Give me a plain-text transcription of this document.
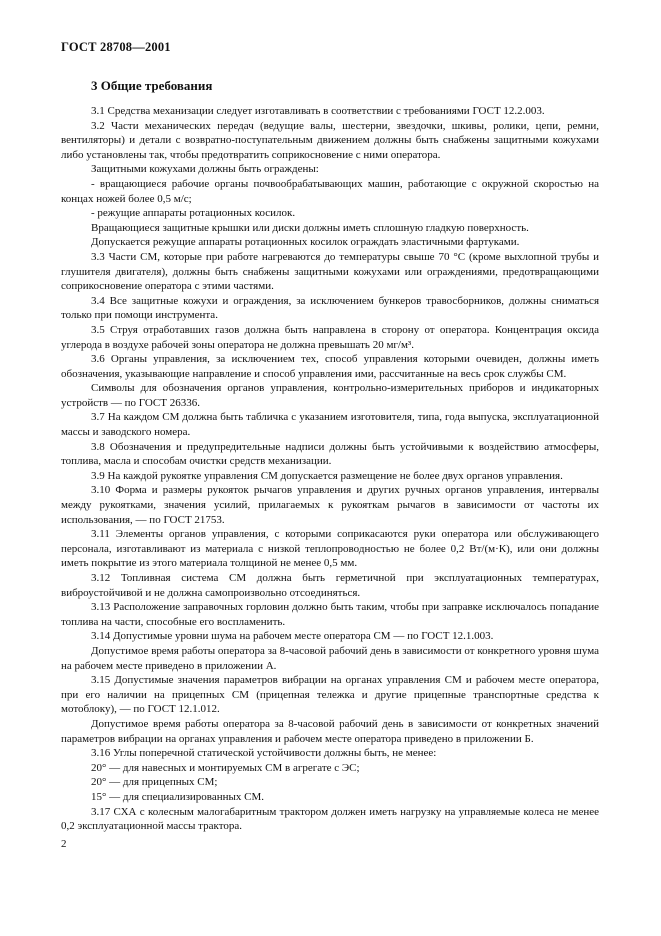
ГОСТ 28708—2001
3 Общие требования

3.1 Средства механизации следует изготавливать в соответствии с требованиями ГОСТ 12.2.003.

3.2 Части механических передач (ведущие валы, шестерни, звездочки, шкивы, ролики, цепи, ремни, вентиляторы) и детали с возвратно-поступательным движением должны быть снабжены защитными кожухами либо установлены так, чтобы предотвратить соприкосновение с ними оператора.

Защитными кожухами должны быть ограждены:

- вращающиеся рабочие органы почвообрабатывающих машин, работающие с окружной скоростью на концах ножей более 0,5 м/с;

- режущие аппараты ротационных косилок.

Вращающиеся защитные крышки или диски должны иметь сплошную гладкую поверхность.

Допускается режущие аппараты ротационных косилок ограждать эластичными фартуками.

3.3 Части СМ, которые при работе нагреваются до температуры свыше 70 °С (кроме выхлопной трубы и глушителя двигателя), должны быть снабжены защитными кожухами или ограждениями, предотвращающими соприкосновение оператора с этими частями.

3.4 Все защитные кожухи и ограждения, за исключением бункеров травосборников, должны сниматься только при помощи инструмента.

3.5 Струя отработавших газов должна быть направлена в сторону от оператора. Концентрация оксида углерода в воздухе рабочей зоны оператора не должна превышать 20 мг/м³.

3.6 Органы управления, за исключением тех, способ управления которыми очевиден, должны иметь обозначения, указывающие направление и способ управления ими, рассчитанные на весь срок службы СМ.

Символы для обозначения органов управления, контрольно-измерительных приборов и индикаторных устройств — по ГОСТ 26336.

3.7 На каждом СМ должна быть табличка с указанием изготовителя, типа, года выпуска, эксплуатационной массы и заводского номера.

3.8 Обозначения и предупредительные надписи должны быть устойчивыми к воздействию атмосферы, топлива, масла и способам очистки средств механизации.

3.9 На каждой рукоятке управления СМ допускается размещение не более двух органов управления.

3.10 Форма и размеры рукояток рычагов управления и других ручных органов управления, интервалы между рукоятками, значения усилий, прилагаемых к рукояткам рычагов в зависимости от частоты их использования, — по ГОСТ 21753.

3.11 Элементы органов управления, с которыми соприкасаются руки оператора или обслуживающего персонала, изготавливают из материала с низкой теплопроводностью не более 0,2 Вт/(м·К), или они должны иметь покрытие из этого материала толщиной не менее 0,5 мм.

3.12 Топливная система СМ должна быть герметичной при эксплуатационных температурах, виброустойчивой и не должна самопроизвольно отсоединяться.

3.13 Расположение заправочных горловин должно быть таким, чтобы при заправке исключалось попадание топлива на части, способные его воспламенить.

3.14 Допустимые уровни шума на рабочем месте оператора СМ — по ГОСТ 12.1.003.

Допустимое время работы оператора за 8-часовой рабочий день в зависимости от конкретного уровня шума на рабочем месте приведено в приложении А.

3.15 Допустимые значения параметров вибрации на органах управления СМ и рабочем месте оператора, при его наличии на прицепных СМ (прицепная тележка и другие прицепные транспортные средства к мотоблоку), — по ГОСТ 12.1.012.

Допустимое время работы оператора за 8-часовой рабочий день в зависимости от конкретных значений параметров вибрации на органах управления и рабочем месте оператора приведено в приложении Б.

3.16 Углы поперечной статической устойчивости должны быть, не менее:

20° — для навесных и монтируемых СМ в агрегате с ЭС;

20° — для прицепных СМ;

15° — для специализированных СМ.

3.17 СХА с колесным малогабаритным трактором должен иметь нагрузку на управляемые колеса не менее 0,2 эксплуатационной массы трактора.

2
